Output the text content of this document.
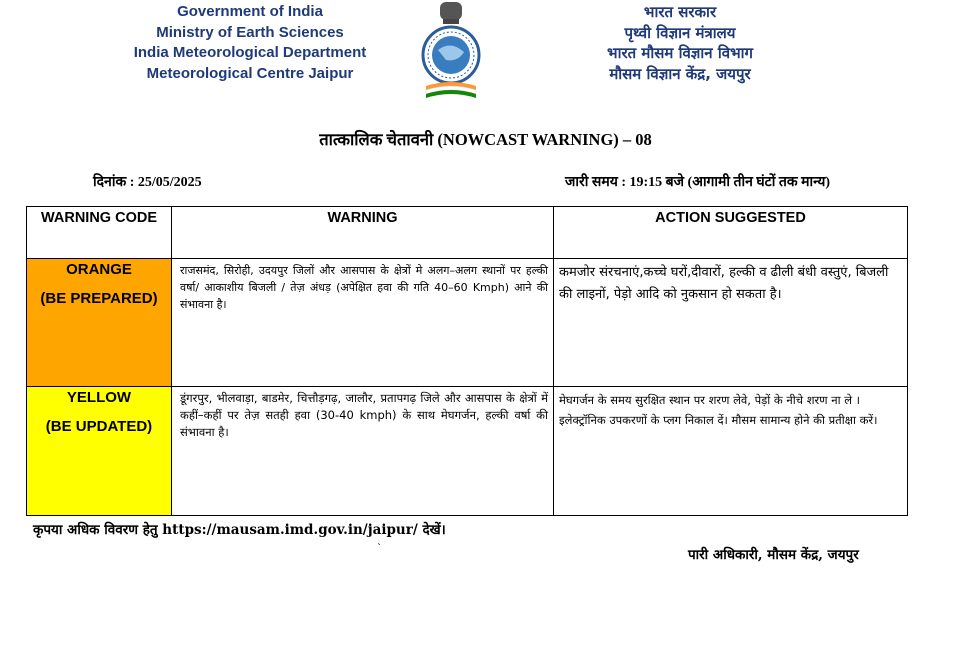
Government of India
Ministry of Earth Sciences
India Meteorological Department
Meteorological Centre Jaipur
भारत सरकार
पृथ्वी विज्ञान मंत्रालय
भारत मौसम विज्ञान विभाग
मौसम विज्ञान केंद्र, जयपुर
तात्कालिक चेतावनी (NOWCAST WARNING) – 08
दिनांक : 25/05/2025	जारी समय : 19:15 बजे (आगामी तीन घंटों तक मान्य)
WARNING CODE	WARNING	ACTION SUGGESTED

ORANGE
(BE PREPARED)	राजसमंद, सिरोही, उदयपुर जिलों और आसपास के क्षेत्रों मे अलग–अलग स्थानों पर हल्की वर्षा/ आकाशीय बिजली / तेज़ अंधड़ (अपेक्षित हवा की गति 40–60 Kmph) आने की संभावना है।	कमजोर संरचनाएं,कच्चे घरों,दीवारों, हल्की व ढीली बंधी वस्तुएं, बिजली की लाइनों, पेड़ो आदि को नुकसान हो सकता है।

YELLOW
(BE UPDATED)	डूंगरपुर, भीलवाड़ा, बाडमेर, चित्तौड़गढ़, जालौर, प्रतापगढ़ जिले और आसपास के क्षेत्रों में कहीं–कहीं पर तेज़ सतही हवा (30-40 kmph) के साथ मेघगर्जन, हल्की वर्षा की संभावना है।	मेघगर्जन के समय सुरक्षित स्थान पर शरण लेवे, पेड़ों के नीचे शरण ना ले । इलेक्ट्रॉनिक उपकरणों के प्लग निकाल दें। मौसम सामान्य होने की प्रतीक्षा करें।
कृपया अधिक विवरण हेतु https://mausam.imd.gov.in/jaipur/ देखें।
`	पारी अधिकारी, मौसम केंद्र, जयपुर
